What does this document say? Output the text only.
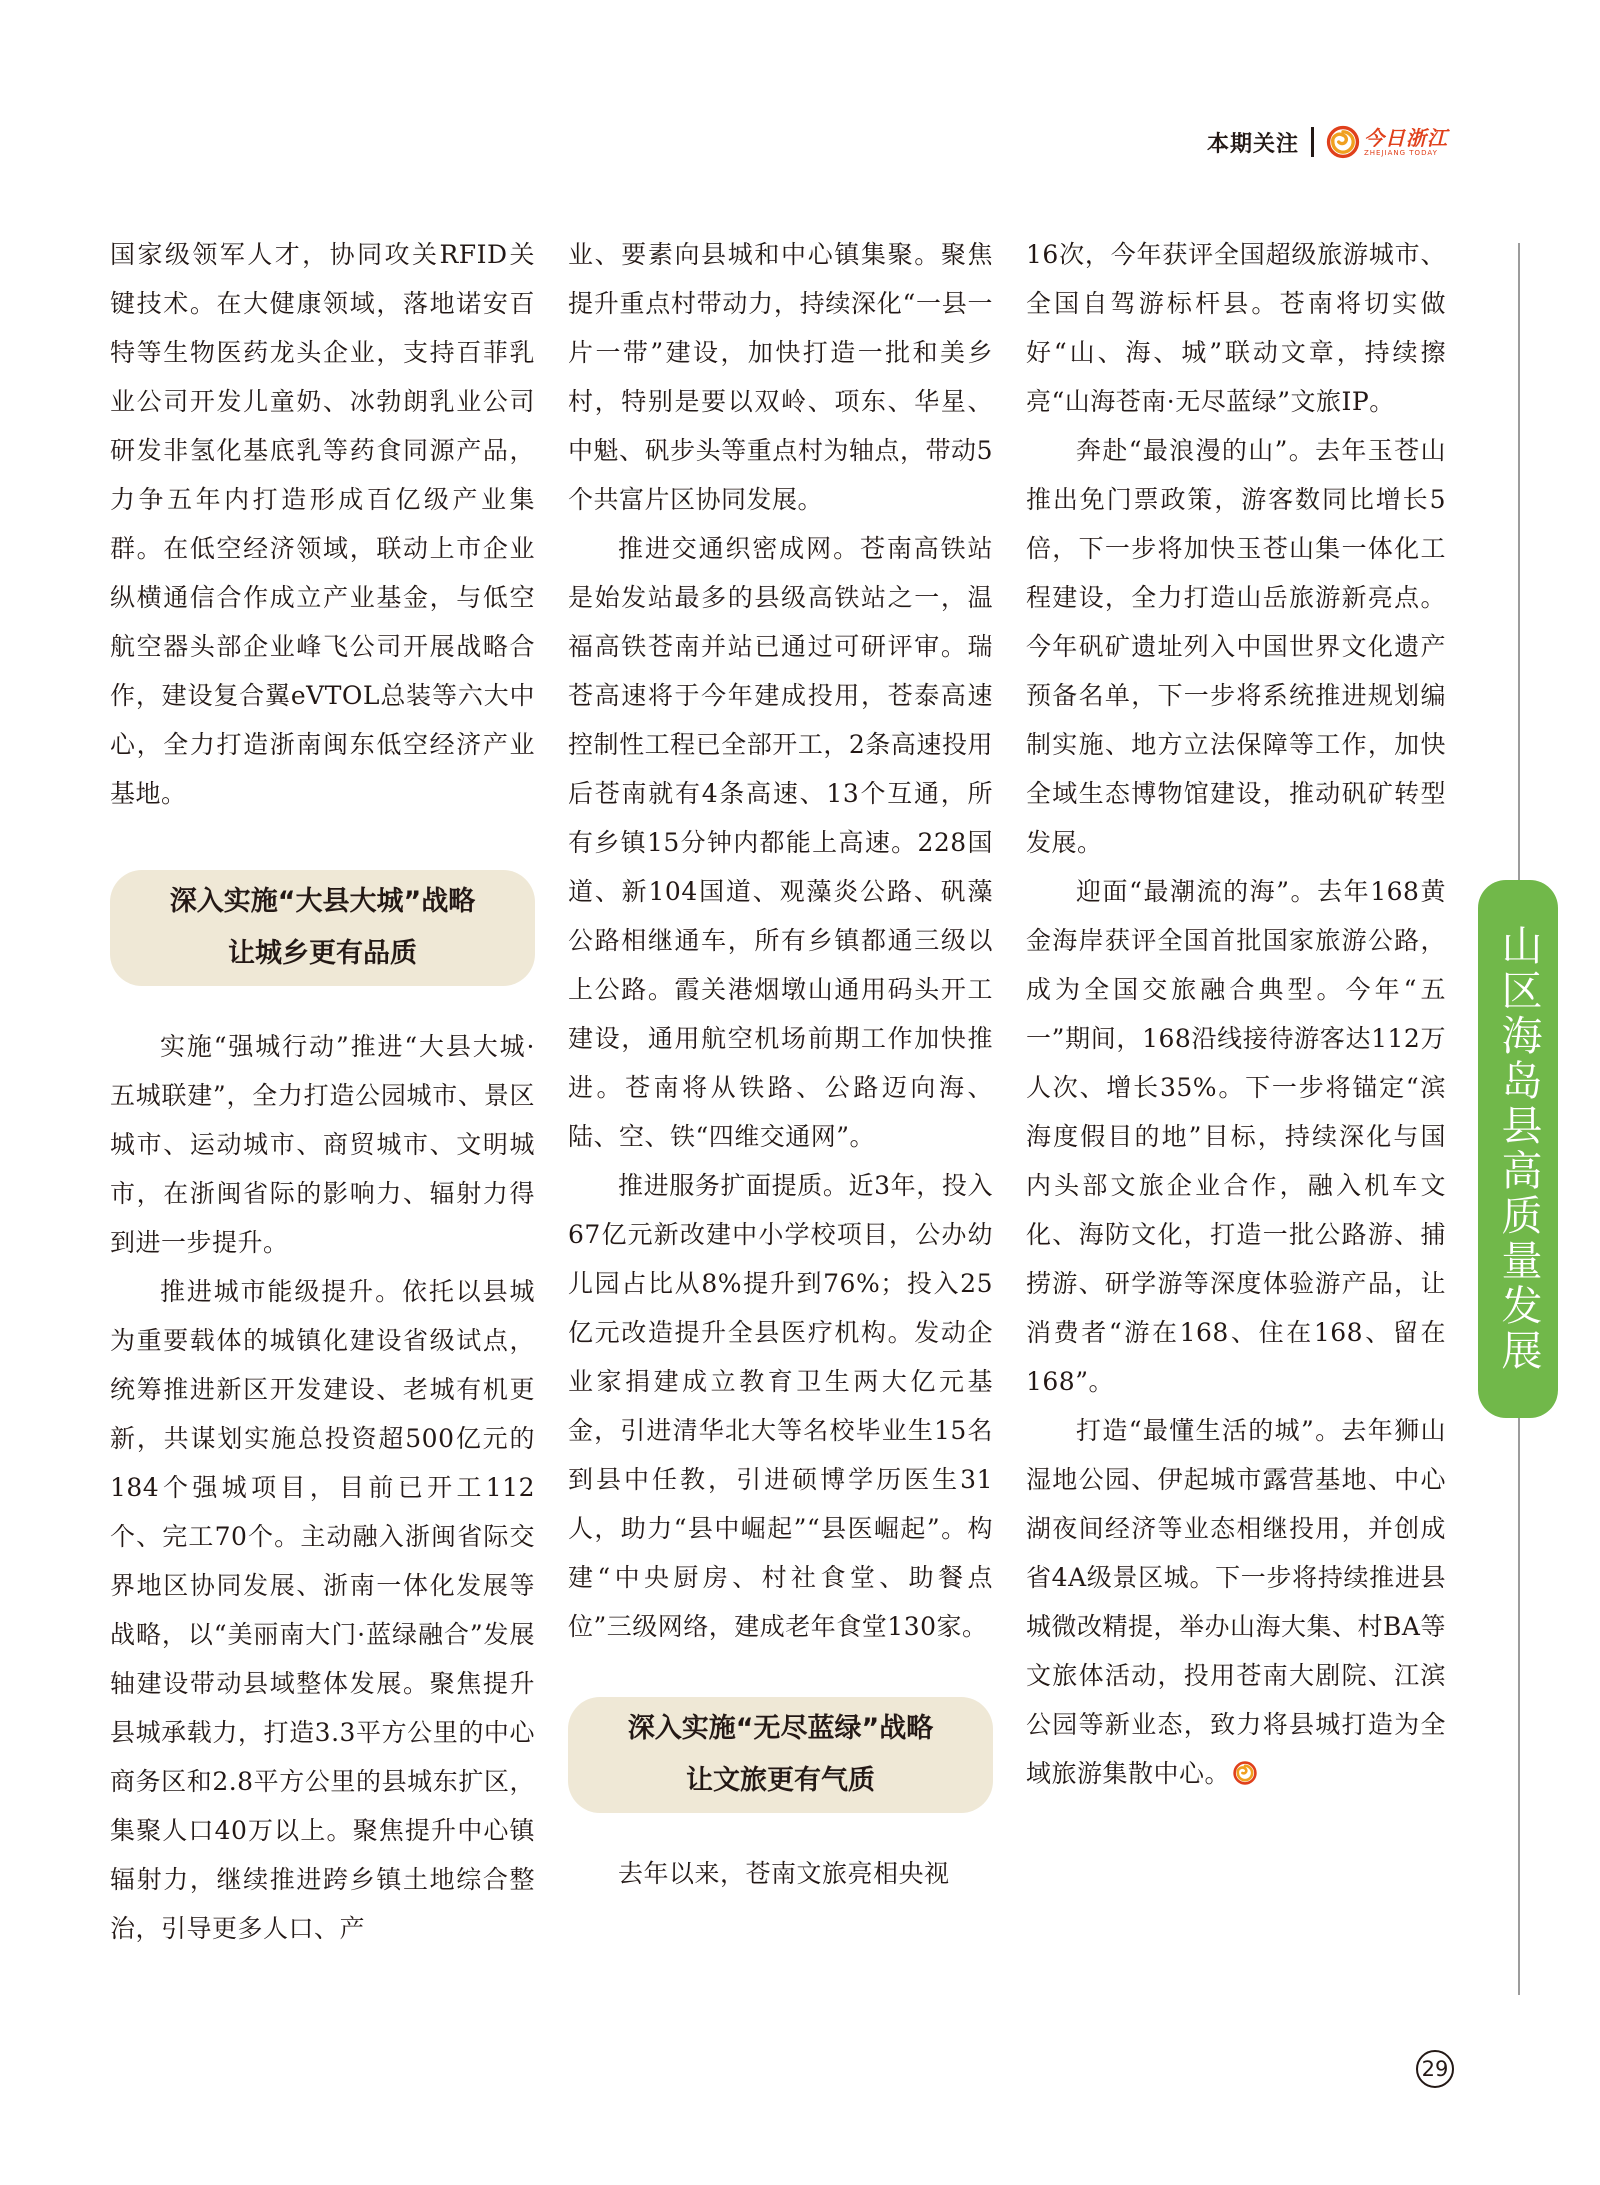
本期关注	今日浙江
ZHEJIANG TODAY

国家级领军人才，协同攻关RFID关键技术。在大健康领域，落地诺安百特等生物医药龙头企业，支持百菲乳业公司开发儿童奶、冰勃朗乳业公司研发非氢化基底乳等药食同源产品，力争五年内打造形成百亿级产业集群。在低空经济领域，联动上市企业纵横通信合作成立产业基金，与低空航空器头部企业峰飞公司开展战略合作，建设复合翼eVTOL总装等六大中心，全力打造浙南闽东低空经济产业基地。

深入实施“大县大城”战略
让城乡更有品质

实施“强城行动”推进“大县大城·五城联建”，全力打造公园城市、景区城市、运动城市、商贸城市、文明城市，在浙闽省际的影响力、辐射力得到进一步提升。

推进城市能级提升。依托以县城为重要载体的城镇化建设省级试点，统筹推进新区开发建设、老城有机更新，共谋划实施总投资超500亿元的184个强城项目，目前已开工112个、完工70个。主动融入浙闽省际交界地区协同发展、浙南一体化发展等战略，以“美丽南大门·蓝绿融合”发展轴建设带动县域整体发展。聚焦提升县城承载力，打造3.3平方公里的中心商务区和2.8平方公里的县城东扩区，集聚人口40万以上。聚焦提升中心镇辐射力，继续推进跨乡镇土地综合整治，引导更多人口、产

业、要素向县城和中心镇集聚。聚焦提升重点村带动力，持续深化“一县一片一带”建设，加快打造一批和美乡村，特别是要以双岭、项东、华星、中魁、矾步头等重点村为轴点，带动5个共富片区协同发展。

推进交通织密成网。苍南高铁站是始发站最多的县级高铁站之一，温福高铁苍南并站已通过可研评审。瑞苍高速将于今年建成投用，苍泰高速控制性工程已全部开工，2条高速投用后苍南就有4条高速、13个互通，所有乡镇15分钟内都能上高速。228国道、新104国道、观藻炎公路、矾藻公路相继通车，所有乡镇都通三级以上公路。霞关港烟墩山通用码头开工建设，通用航空机场前期工作加快推进。苍南将从铁路、公路迈向海、陆、空、铁“四维交通网”。

推进服务扩面提质。近3年，投入67亿元新改建中小学校项目，公办幼儿园占比从8%提升到76%；投入25亿元改造提升全县医疗机构。发动企业家捐建成立教育卫生两大亿元基金，引进清华北大等名校毕业生15名到县中任教，引进硕博学历医生31人，助力“县中崛起”“县医崛起”。构建“中央厨房、村社食堂、助餐点位”三级网络，建成老年食堂130家。

深入实施“无尽蓝绿”战略
让文旅更有气质

去年以来，苍南文旅亮相央视

16次，今年获评全国超级旅游城市、全国自驾游标杆县。苍南将切实做好“山、海、城”联动文章，持续擦亮“山海苍南·无尽蓝绿”文旅IP。

奔赴“最浪漫的山”。去年玉苍山推出免门票政策，游客数同比增长5倍，下一步将加快玉苍山集一体化工程建设，全力打造山岳旅游新亮点。今年矾矿遗址列入中国世界文化遗产预备名单，下一步将系统推进规划编制实施、地方立法保障等工作，加快全域生态博物馆建设，推动矾矿转型发展。

迎面“最潮流的海”。去年168黄金海岸获评全国首批国家旅游公路，成为全国交旅融合典型。今年“五一”期间，168沿线接待游客达112万人次、增长35%。下一步将锚定“滨海度假目的地”目标，持续深化与国内头部文旅企业合作，融入机车文化、海防文化，打造一批公路游、捕捞游、研学游等深度体验游产品，让消费者“游在168、住在168、留在168”。

打造“最懂生活的城”。去年狮山湿地公园、伊起城市露营基地、中心湖夜间经济等业态相继投用，并创成省4A级景区城。下一步将持续推进县城微改精提，举办山海大集、村BA等文旅体活动，投用苍南大剧院、江滨公园等新业态，致力将县城打造为全域旅游集散中心。

山区海岛县高质量发展
29
